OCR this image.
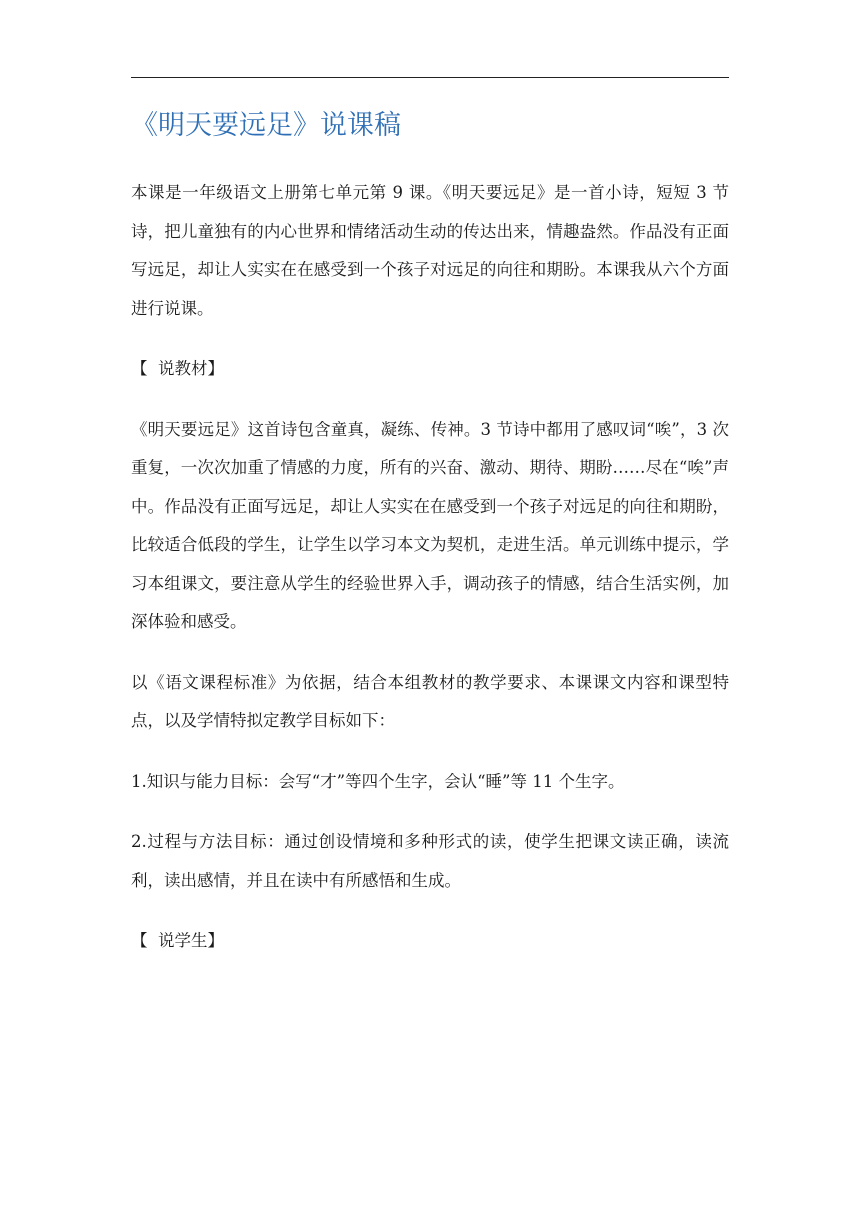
《明天要远足》说课稿

本课是一年级语文上册第七单元第 9 课。《明天要远足》是一首小诗，短短 3 节诗，把儿童独有的内心世界和情绪活动生动的传达出来，情趣盎然。作品没有正面写远足，却让人实实在在感受到一个孩子对远足的向往和期盼。本课我从六个方面进行说课。

【  说教材】

《明天要远足》这首诗包含童真，凝练、传神。3 节诗中都用了感叹词“唉”，3 次重复，一次次加重了情感的力度，所有的兴奋、激动、期待、期盼……尽在“唉”声中。作品没有正面写远足，却让人实实在在感受到一个孩子对远足的向往和期盼，比较适合低段的学生，让学生以学习本文为契机，走进生活。单元训练中提示，学习本组课文，要注意从学生的经验世界入手，调动孩子的情感，结合生活实例，加深体验和感受。

以《语文课程标准》为依据，结合本组教材的教学要求、本课课文内容和课型特点，以及学情特拟定教学目标如下：

1.知识与能力目标：会写“才”等四个生字，会认“睡”等 11 个生字。

2.过程与方法目标：通过创设情境和多种形式的读，使学生把课文读正确，读流利，读出感情，并且在读中有所感悟和生成。

【  说学生】
